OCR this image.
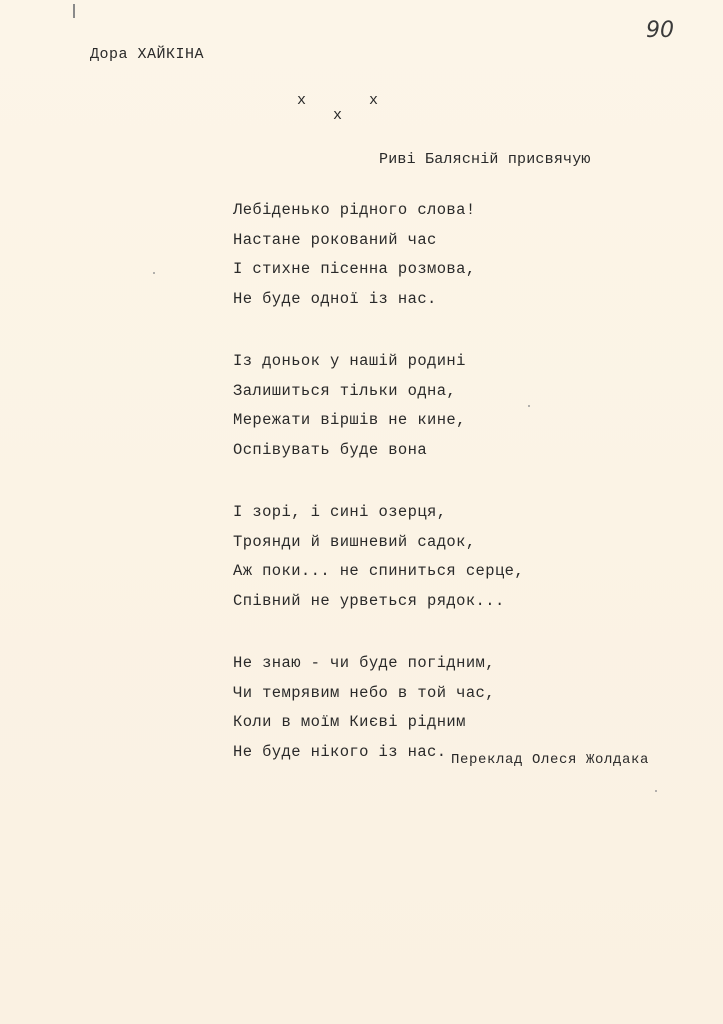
Дора ХАЙКІНА
90
х
х
х
Риві Балясній присвячую
Лебіденько рідного слова!
Настане рокований час
І стихне пісенна розмова,
Не буде одної із нас.
Із доньок у нашій родині
Залишиться тільки одна,
Мережати віршів не кине,
Оспівувать буде вона
І зорі, і сині озерця,
Троянди й вишневий садок,
Аж поки... не спиниться серце,
Співний не урветься рядок...
Не знаю - чи буде погідним,
Чи темрявим небо в той час,
Коли в моїм Києві рідним
Не буде нікого із нас. Переклад Олеся Жолдака
